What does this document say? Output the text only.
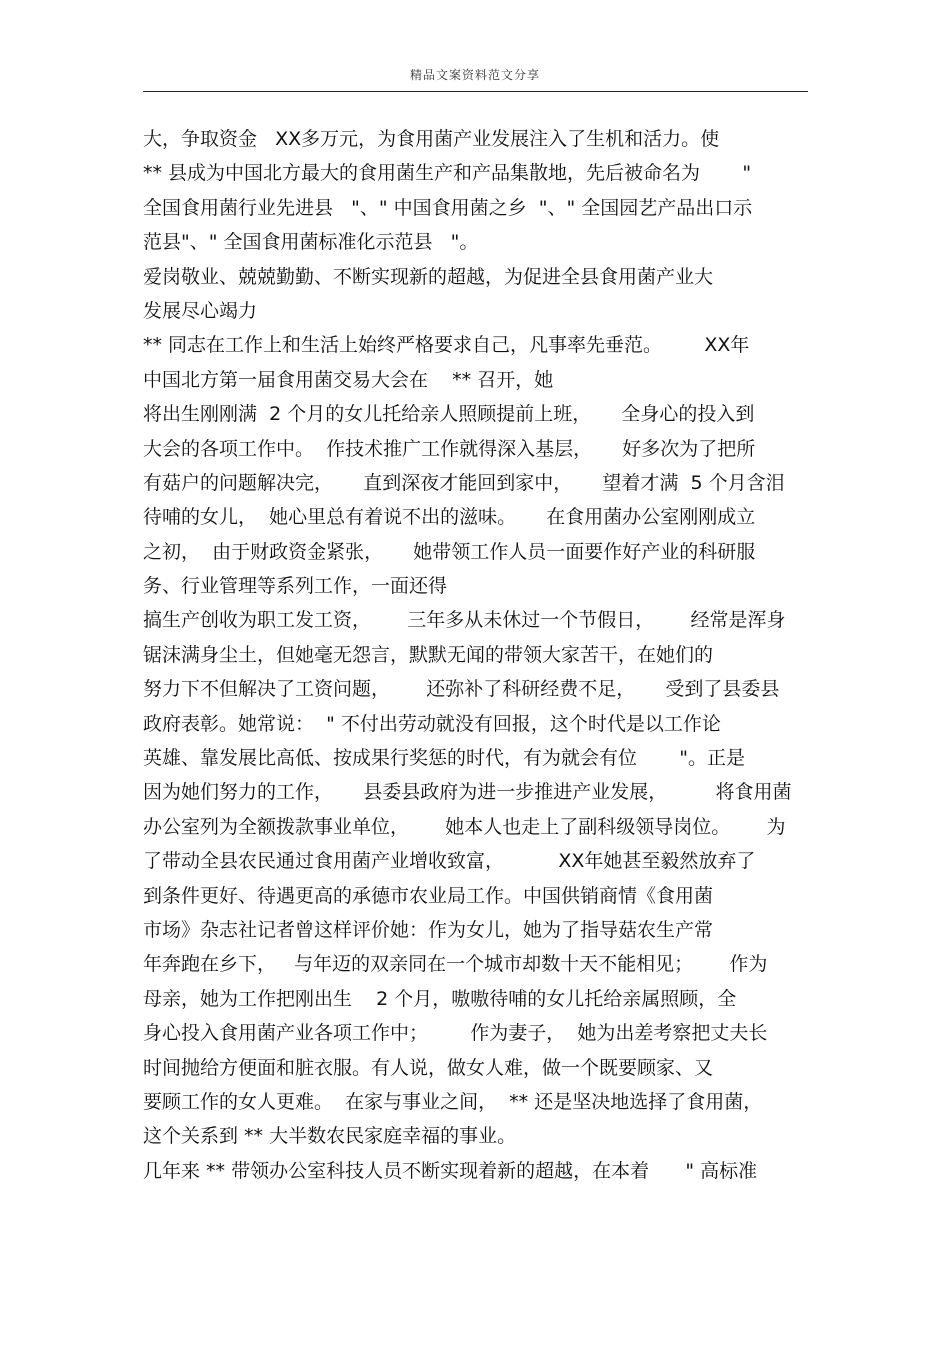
精品文案资料范文分享
大，争取资金   XX多万元，为食用菌产业发展注入了生机和活力。使
** 县成为中国北方最大的食用菌生产和产品集散地，先后被命名为       "
全国食用菌行业先进县   "、" 中国食用菌之乡  "、" 全国园艺产品出口示
范县"、" 全国食用菌标准化示范县   "。
爱岗敬业、兢兢勤勤、不断实现新的超越，为促进全县食用菌产业大
发展尽心竭力
** 同志在工作上和生活上始终严格要求自己，凡事率先垂范。       XX年
中国北方第一届食用菌交易大会在    ** 召开，她
将出生刚刚满  2 个月的女儿托给亲人照顾提前上班，     全身心的投入到
大会的各项工作中。  作技术推广工作就得深入基层，     好多次为了把所
有菇户的问题解决完，     直到深夜才能回到家中，     望着才满  5 个月含泪
待哺的女儿，  她心里总有着说不出的滋味。     在食用菌办公室刚刚成立
之初，  由于财政资金紧张，     她带领工作人员一面要作好产业的科研服
务、行业管理等系列工作，一面还得
搞生产创收为职工发工资，      三年多从未休过一个节假日，      经常是浑身
锯沫满身尘土，但她毫无怨言，默默无闻的带领大家苦干，在她们的
努力下不但解决了工资问题，      还弥补了科研经费不足，     受到了县委县
政府表彰。她常说：  " 不付出劳动就没有回报，这个时代是以工作论
英雄、靠发展比高低、按成果行奖惩的时代，有为就会有位       "。正是
因为她们努力的工作，     县委县政府为进一步推进产业发展，        将食用菌
办公室列为全额拨款事业单位，      她本人也走上了副科级领导岗位。      为
了带动全县农民通过食用菌产业增收致富，         XX年她甚至毅然放弃了
到条件更好、待遇更高的承德市农业局工作。中国供销商情《食用菌
市场》杂志社记者曾这样评价她：作为女儿，她为了指导菇农生产常
年奔跑在乡下，   与年迈的双亲同在一个城市却数十天不能相见；      作为
母亲，她为工作把刚出生    2 个月，嗷嗷待哺的女儿托给亲属照顾，全
身心投入食用菌产业各项工作中；       作为妻子，  她为出差考察把丈夫长
时间抛给方便面和脏衣服。有人说，做女人难，做一个既要顾家、又
要顾工作的女人更难。  在家与事业之间，  ** 还是坚决地选择了食用菌，
这个关系到 ** 大半数农民家庭幸福的事业。
几年来 ** 带领办公室科技人员不断实现着新的超越，在本着      " 高标准
